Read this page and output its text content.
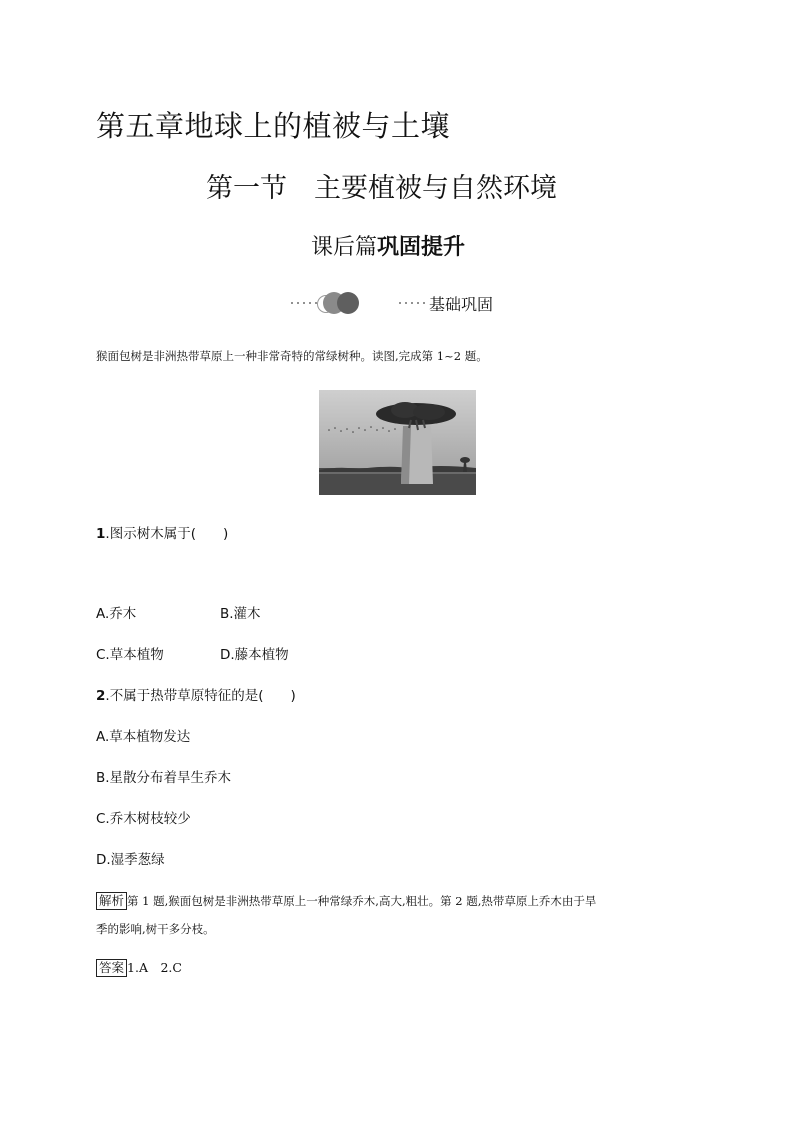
第五章地球上的植被与土壤
第一节　主要植被与自然环境
课后篇巩固提升
基础巩固
猴面包树是非洲热带草原上一种非常奇特的常绿树种。读图,完成第 1~2 题。
1.图示树木属于(　　)
A.乔木	B.灌木
C.草本植物	D.藤本植物
2.不属于热带草原特征的是(　　)
A.草本植物发达
B.星散分布着旱生乔木
C.乔木树枝较少
D.湿季葱绿
解析 第 1 题,猴面包树是非洲热带草原上一种常绿乔木,高大,粗壮。第 2 题,热带草原上乔木由于旱
季的影响,树干多分枝。
答案 1.A　2.C
